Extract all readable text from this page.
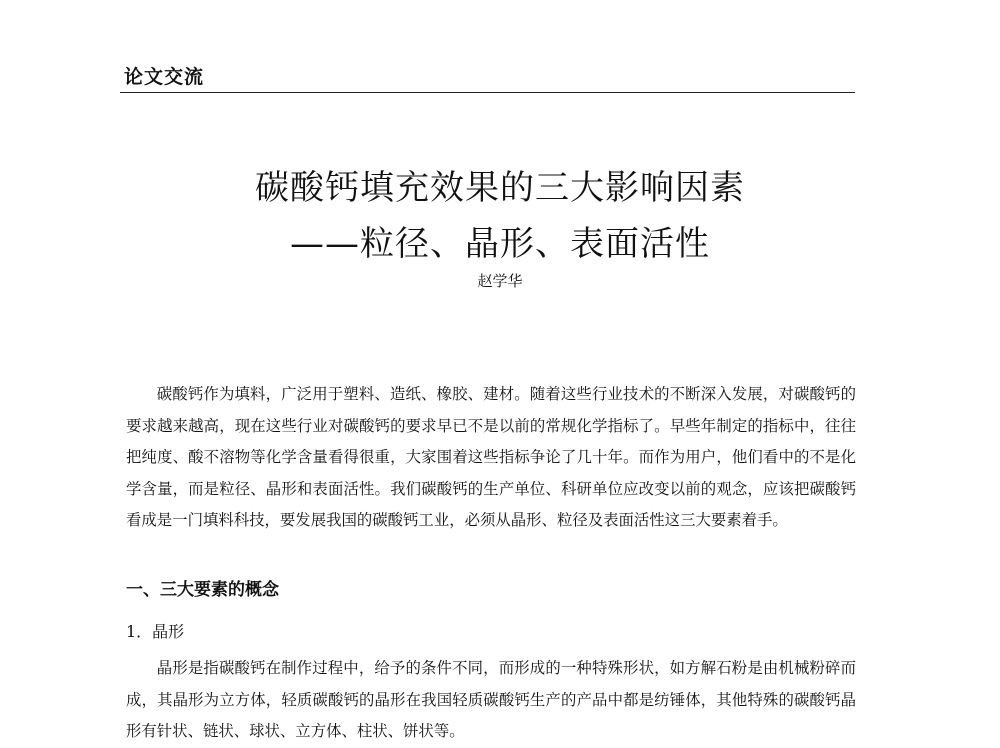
论文交流
碳酸钙填充效果的三大影响因素
——粒径、晶形、表面活性
赵学华

碳酸钙作为填料，广泛用于塑料、造纸、橡胶、建材。随着这些行业技术的不断深入发展，对碳酸钙的要求越来越高，现在这些行业对碳酸钙的要求早已不是以前的常规化学指标了。早些年制定的指标中，往往把纯度、酸不溶物等化学含量看得很重，大家围着这些指标争论了几十年。而作为用户，他们看中的不是化学含量，而是粒径、晶形和表面活性。我们碳酸钙的生产单位、科研单位应改变以前的观念，应该把碳酸钙看成是一门填料科技，要发展我国的碳酸钙工业，必须从晶形、粒径及表面活性这三大要素着手。

一、三大要素的概念
1．晶形

晶形是指碳酸钙在制作过程中，给予的条件不同，而形成的一种特殊形状，如方解石粉是由机械粉碎而成，其晶形为立方体，轻质碳酸钙的晶形在我国轻质碳酸钙生产的产品中都是纺锤体，其他特殊的碳酸钙晶形有针状、链状、球状、立方体、柱状、饼状等。
